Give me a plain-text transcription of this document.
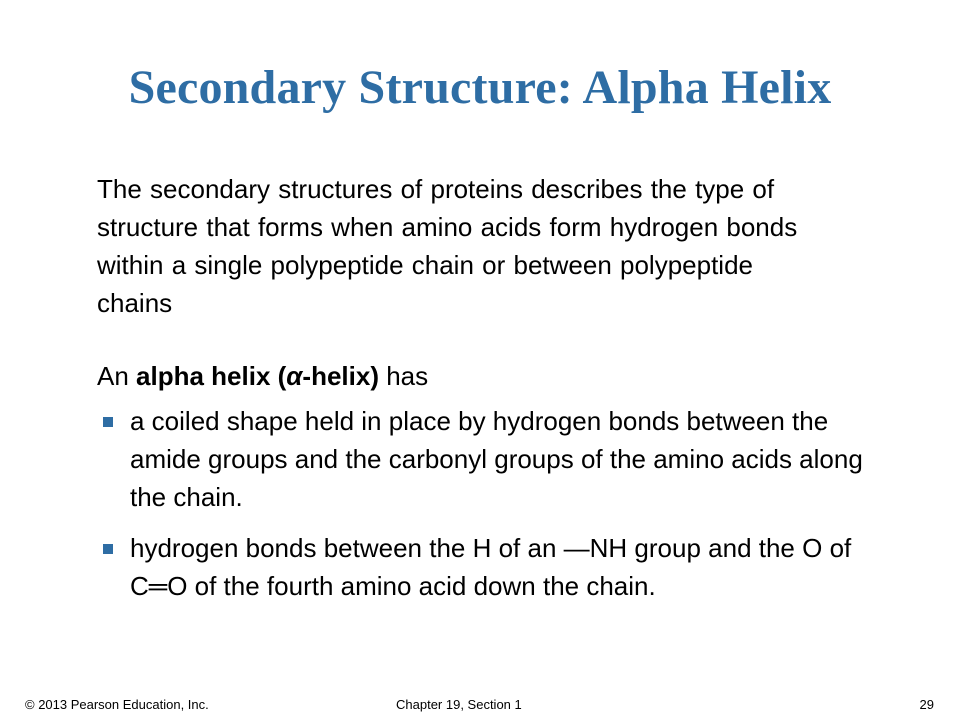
Secondary Structure: Alpha Helix
The secondary structures of proteins describes the type of structure that forms when amino acids form hydrogen bonds within a single polypeptide chain or between polypeptide chains
An alpha helix (α-helix) has
a coiled shape held in place by hydrogen bonds between the amide groups and the carbonyl groups of the amino acids along the chain.
hydrogen bonds between the H of an —NH group and the O of C═O of the fourth amino acid down the chain.
© 2013 Pearson Education, Inc.	Chapter 19, Section 1	29
